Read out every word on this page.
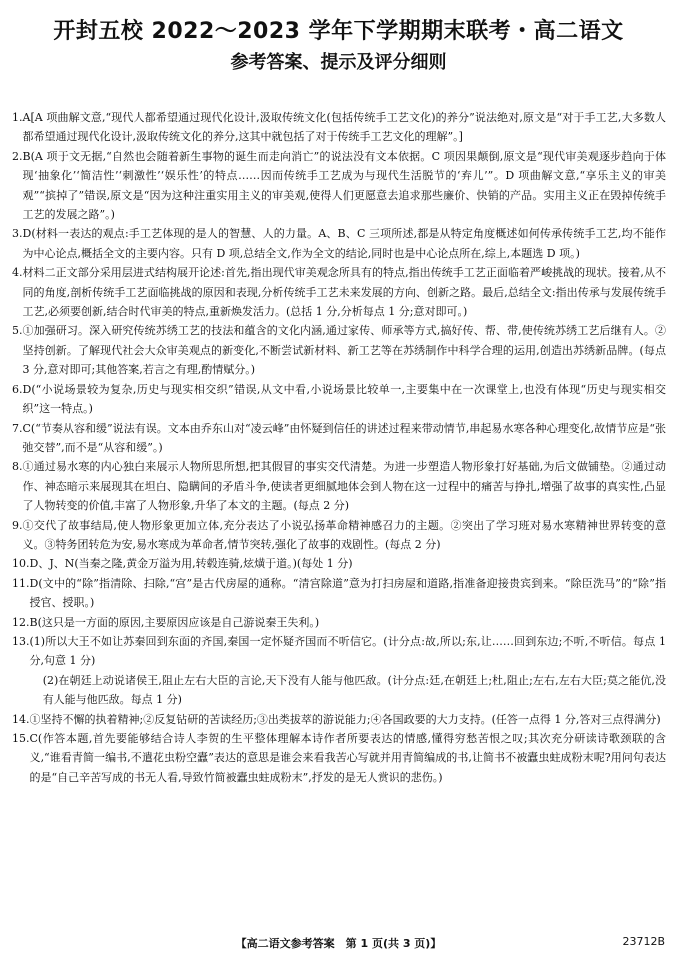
开封五校 2022～2023 学年下学期期末联考・高二语文
参考答案、提示及评分细则
1. A[A 项曲解文意,“现代人都希望通过现代化设计,汲取传统文化(包括传统手工艺文化)的养分”说法绝对,原文是“对于手工艺,大多数人都希望通过现代化设计,汲取传统文化的养分,这其中就包括了对于传统手工艺文化的理解”。]
2. B(A 项于文无据,“自然也会随着新生事物的诞生而走向消亡”的说法没有文本依据。C 项因果颠倒,原文是“现代审美观逐步趋向于体现‘抽象化’‘简洁性’‘刺激性’‘娱乐性’的特点……因而传统手工艺成为与现代生活脱节的‘弃儿’”。D 项曲解文意,“享乐主义的审美观”“摈掉了”错误,原文是“因为这种注重实用主义的审美观,使得人们更愿意去追求那些廉价、快销的产品。实用主义正在毁掉传统手工艺的发展之路”。)
3. D(材料一表达的观点:手工艺体现的是人的智慧、人的力量。A、B、C 三项所述,都是从特定角度概述如何传承传统手工艺,均不能作为中心论点,概括全文的主要内容。只有 D 项,总结全文,作为全文的结论,同时也是中心论点所在,综上,本题选 D 项。)
4. 材料二正文部分采用层进式结构展开论述:首先,指出现代审美观念所具有的特点,指出传统手工艺正面临着严峻挑战的现状。接着,从不同的角度,剖析传统手工艺面临挑战的原因和表现,分析传统手工艺未来发展的方向、创新之路。最后,总结全文:指出传承与发展传统手工艺,必须要创新,结合时代审美的特点,重新焕发活力。(总括 1 分,分析每点 1 分;意对即可。)
5. ①加强研习。深入研究传统苏绣工艺的技法和蕴含的文化内涵,通过家传、师承等方式,搞好传、帮、带,使传统苏绣工艺后继有人。②坚持创新。了解现代社会大众审美观点的新变化,不断尝试新材料、新工艺等在苏绣制作中科学合理的运用,创造出苏绣新品牌。(每点 3 分,意对即可;其他答案,若言之有理,酌情赋分。)
6. D(“小说场景较为复杂,历史与现实相交织”错误,从文中看,小说场景比较单一,主要集中在一次课堂上,也没有体现“历史与现实相交织”这一特点。)
7. C(“节奏从容和缓”说法有误。文本由乔东山对“凌云峰”由怀疑到信任的讲述过程来带动情节,串起易水寒各种心理变化,故情节应是“张弛交替”,而不是“从容和缓”。)
8. ①通过易水寒的内心独白来展示人物所思所想,把其假冒的事实交代清楚。为进一步塑造人物形象打好基础,为后文做铺垫。②通过动作、神态暗示来展现其在坦白、隐瞒间的矛盾斗争,使读者更细腻地体会到人物在这一过程中的痛苦与挣扎,增强了故事的真实性,凸显了人物转变的价值,丰富了人物形象,升华了本文的主题。(每点 2 分)
9. ①交代了故事结局,使人物形象更加立体,充分表达了小说弘扬革命精神感召力的主题。②突出了学习班对易水寒精神世界转变的意义。③特务团转危为安,易水寒成为革命者,情节突转,强化了故事的戏剧性。(每点 2 分)
10. D、J、N(当秦之隆,黄金万溢为用,转毂连骑,炫熿于道。)(每处 1 分)
11. D(文中的“除”指清除、扫除,“宫”是古代房屋的通称。“清宫除道”意为打扫房屋和道路,指准备迎接贵宾到来。“除臣洗马”的“除”指授官、授职。)
12. B(这只是一方面的原因,主要原因应该是自己游说秦王失利。)
13. (1)所以大王不如让苏秦回到东面的齐国,秦国一定怀疑齐国而不听信它。(计分点:故,所以;东,让……回到东边;不听,不听信。每点 1 分,句意 1 分)
(2)在朝廷上动说诸侯王,阻止左右大臣的言论,天下没有人能与他匹敌。(计分点:廷,在朝廷上;杜,阻止;左右,左右大臣;莫之能伉,没有人能与他匹敌。每点 1 分)
14. ①坚持不懈的执着精神;②反复钻研的苦读经历;③出类拔萃的游说能力;④各国政要的大力支持。(任答一点得 1 分,答对三点得满分)
15. C(作答本题,首先要能够结合诗人李贺的生平整体理解本诗作者所要表达的情感,懂得穷愁苦恨之叹;其次充分研读诗歌颈联的含义,“谁看青简一编书,不遣花虫粉空蠹”表达的意思是谁会来看我苦心写就并用青简编成的书,让简书不被蠹虫蛀成粉末呢?用问句表达的是“自己辛苦写成的书无人看,导致竹简被蠹虫蛀成粉末”,抒发的是无人赏识的悲伤。)
【高二语文参考答案　第 1 页(共 3 页)】	23712B
